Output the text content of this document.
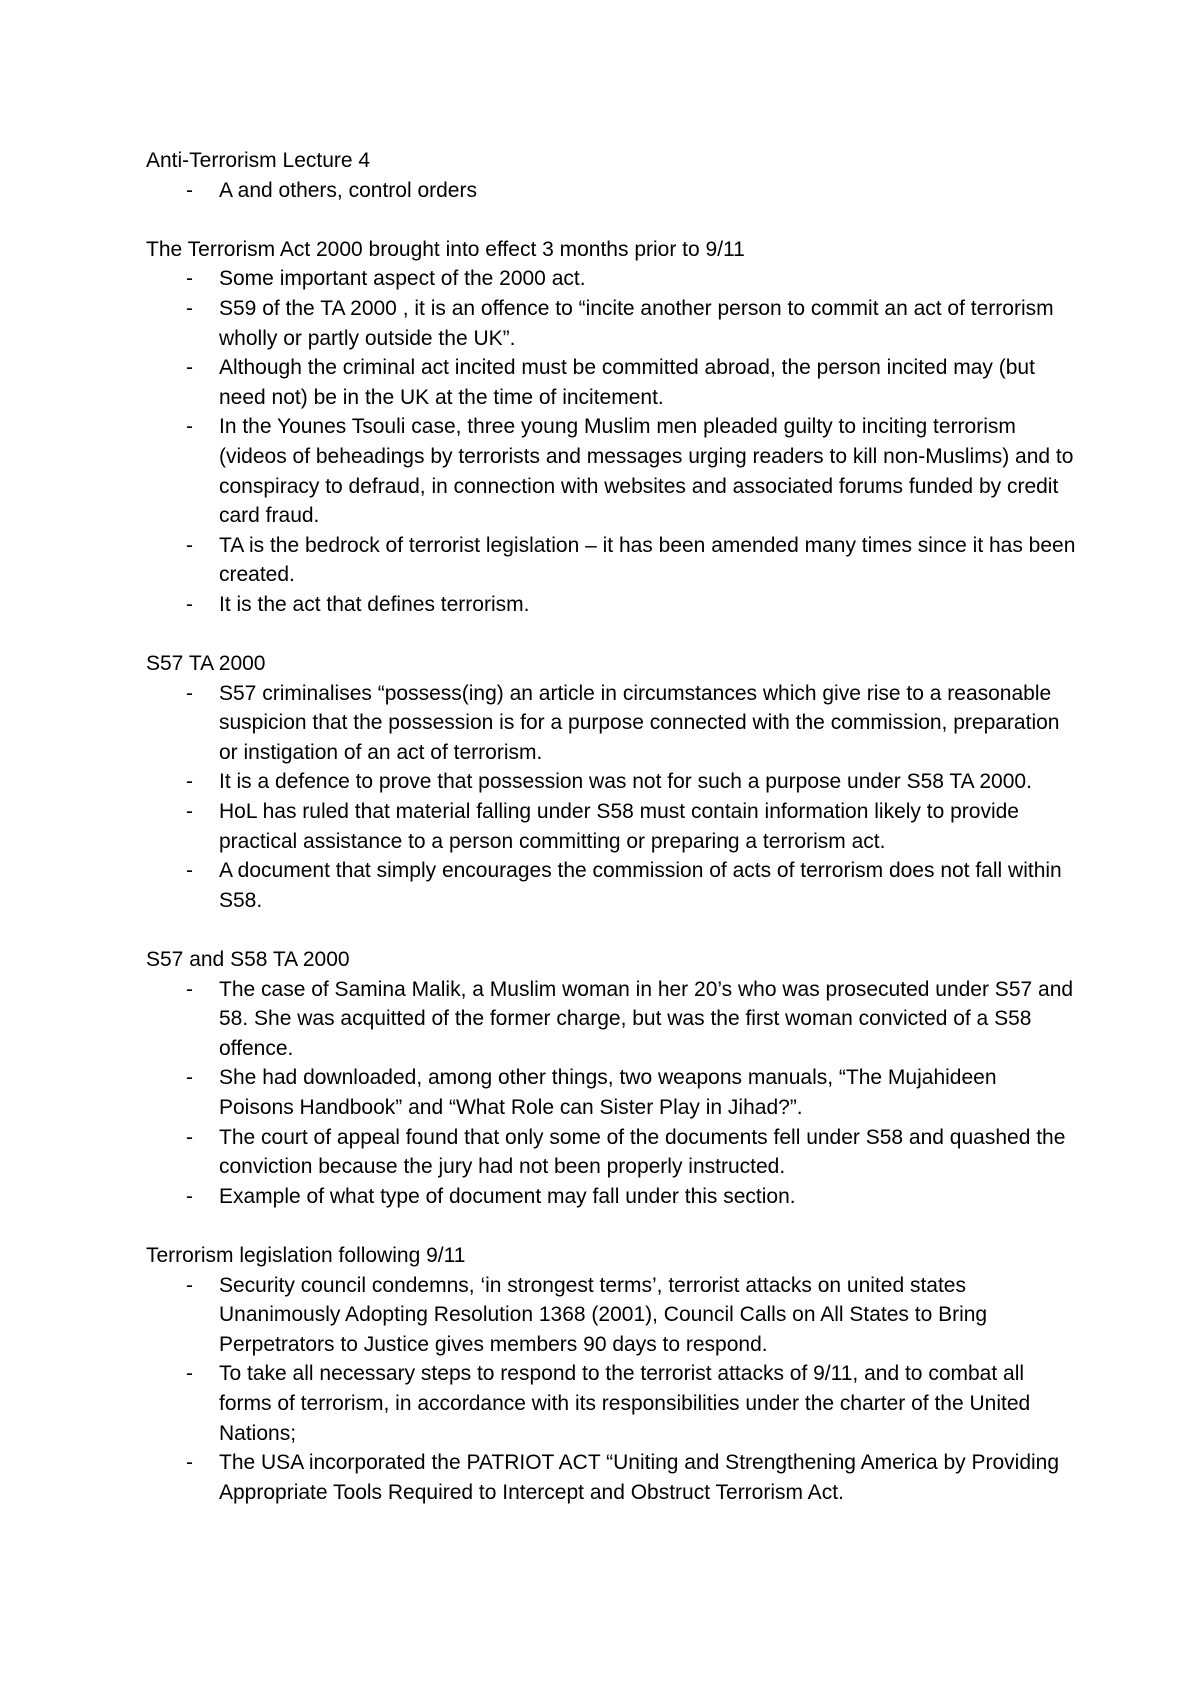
Anti-Terrorism Lecture 4

- A and others, control orders

The Terrorism Act 2000 brought into effect 3 months prior to 9/11

- Some important aspect of the 2000 act.
- S59 of the TA 2000 , it is an offence to “incite another person to commit an act of terrorism wholly or partly outside the UK”.
- Although the criminal act incited must be committed abroad, the person incited may (but need not) be in the UK at the time of incitement.
- In the Younes Tsouli case, three young Muslim men pleaded guilty to inciting terrorism (videos of beheadings by terrorists and messages urging readers to kill non-Muslims) and to conspiracy to defraud, in connection with websites and associated forums funded by credit card fraud.
- TA is the bedrock of terrorist legislation – it has been amended many times since it has been created.
- It is the act that defines terrorism.

S57 TA 2000

- S57 criminalises “possess(ing) an article in circumstances which give rise to a reasonable suspicion that the possession is for a purpose connected with the commission, preparation or instigation of an act of terrorism.
- It is a defence to prove that possession was not for such a purpose under S58 TA 2000.
- HoL has ruled that material falling under S58 must contain information likely to provide practical assistance to a person committing or preparing a terrorism act.
- A document that simply encourages the commission of acts of terrorism does not fall within S58.

S57 and S58 TA 2000

- The case of Samina Malik, a Muslim woman in her 20’s who was prosecuted under S57 and 58. She was acquitted of the former charge, but was the first woman convicted of a S58 offence.
- She had downloaded, among other things, two weapons manuals, “The Mujahideen Poisons Handbook” and “What Role can Sister Play in Jihad?”.
- The court of appeal found that only some of the documents fell under S58 and quashed the conviction because the jury had not been properly instructed.
- Example of what type of document may fall under this section.

Terrorism legislation following 9/11

- Security council condemns, ‘in strongest terms’, terrorist attacks on united states Unanimously Adopting Resolution 1368 (2001), Council Calls on All States to Bring Perpetrators to Justice gives members 90 days to respond.
- To take all necessary steps to respond to the terrorist attacks of 9/11, and to combat all forms of terrorism, in accordance with its responsibilities under the charter of the United Nations;
- The USA incorporated the PATRIOT ACT “Uniting and Strengthening America by Providing Appropriate Tools Required to Intercept and Obstruct Terrorism Act.
